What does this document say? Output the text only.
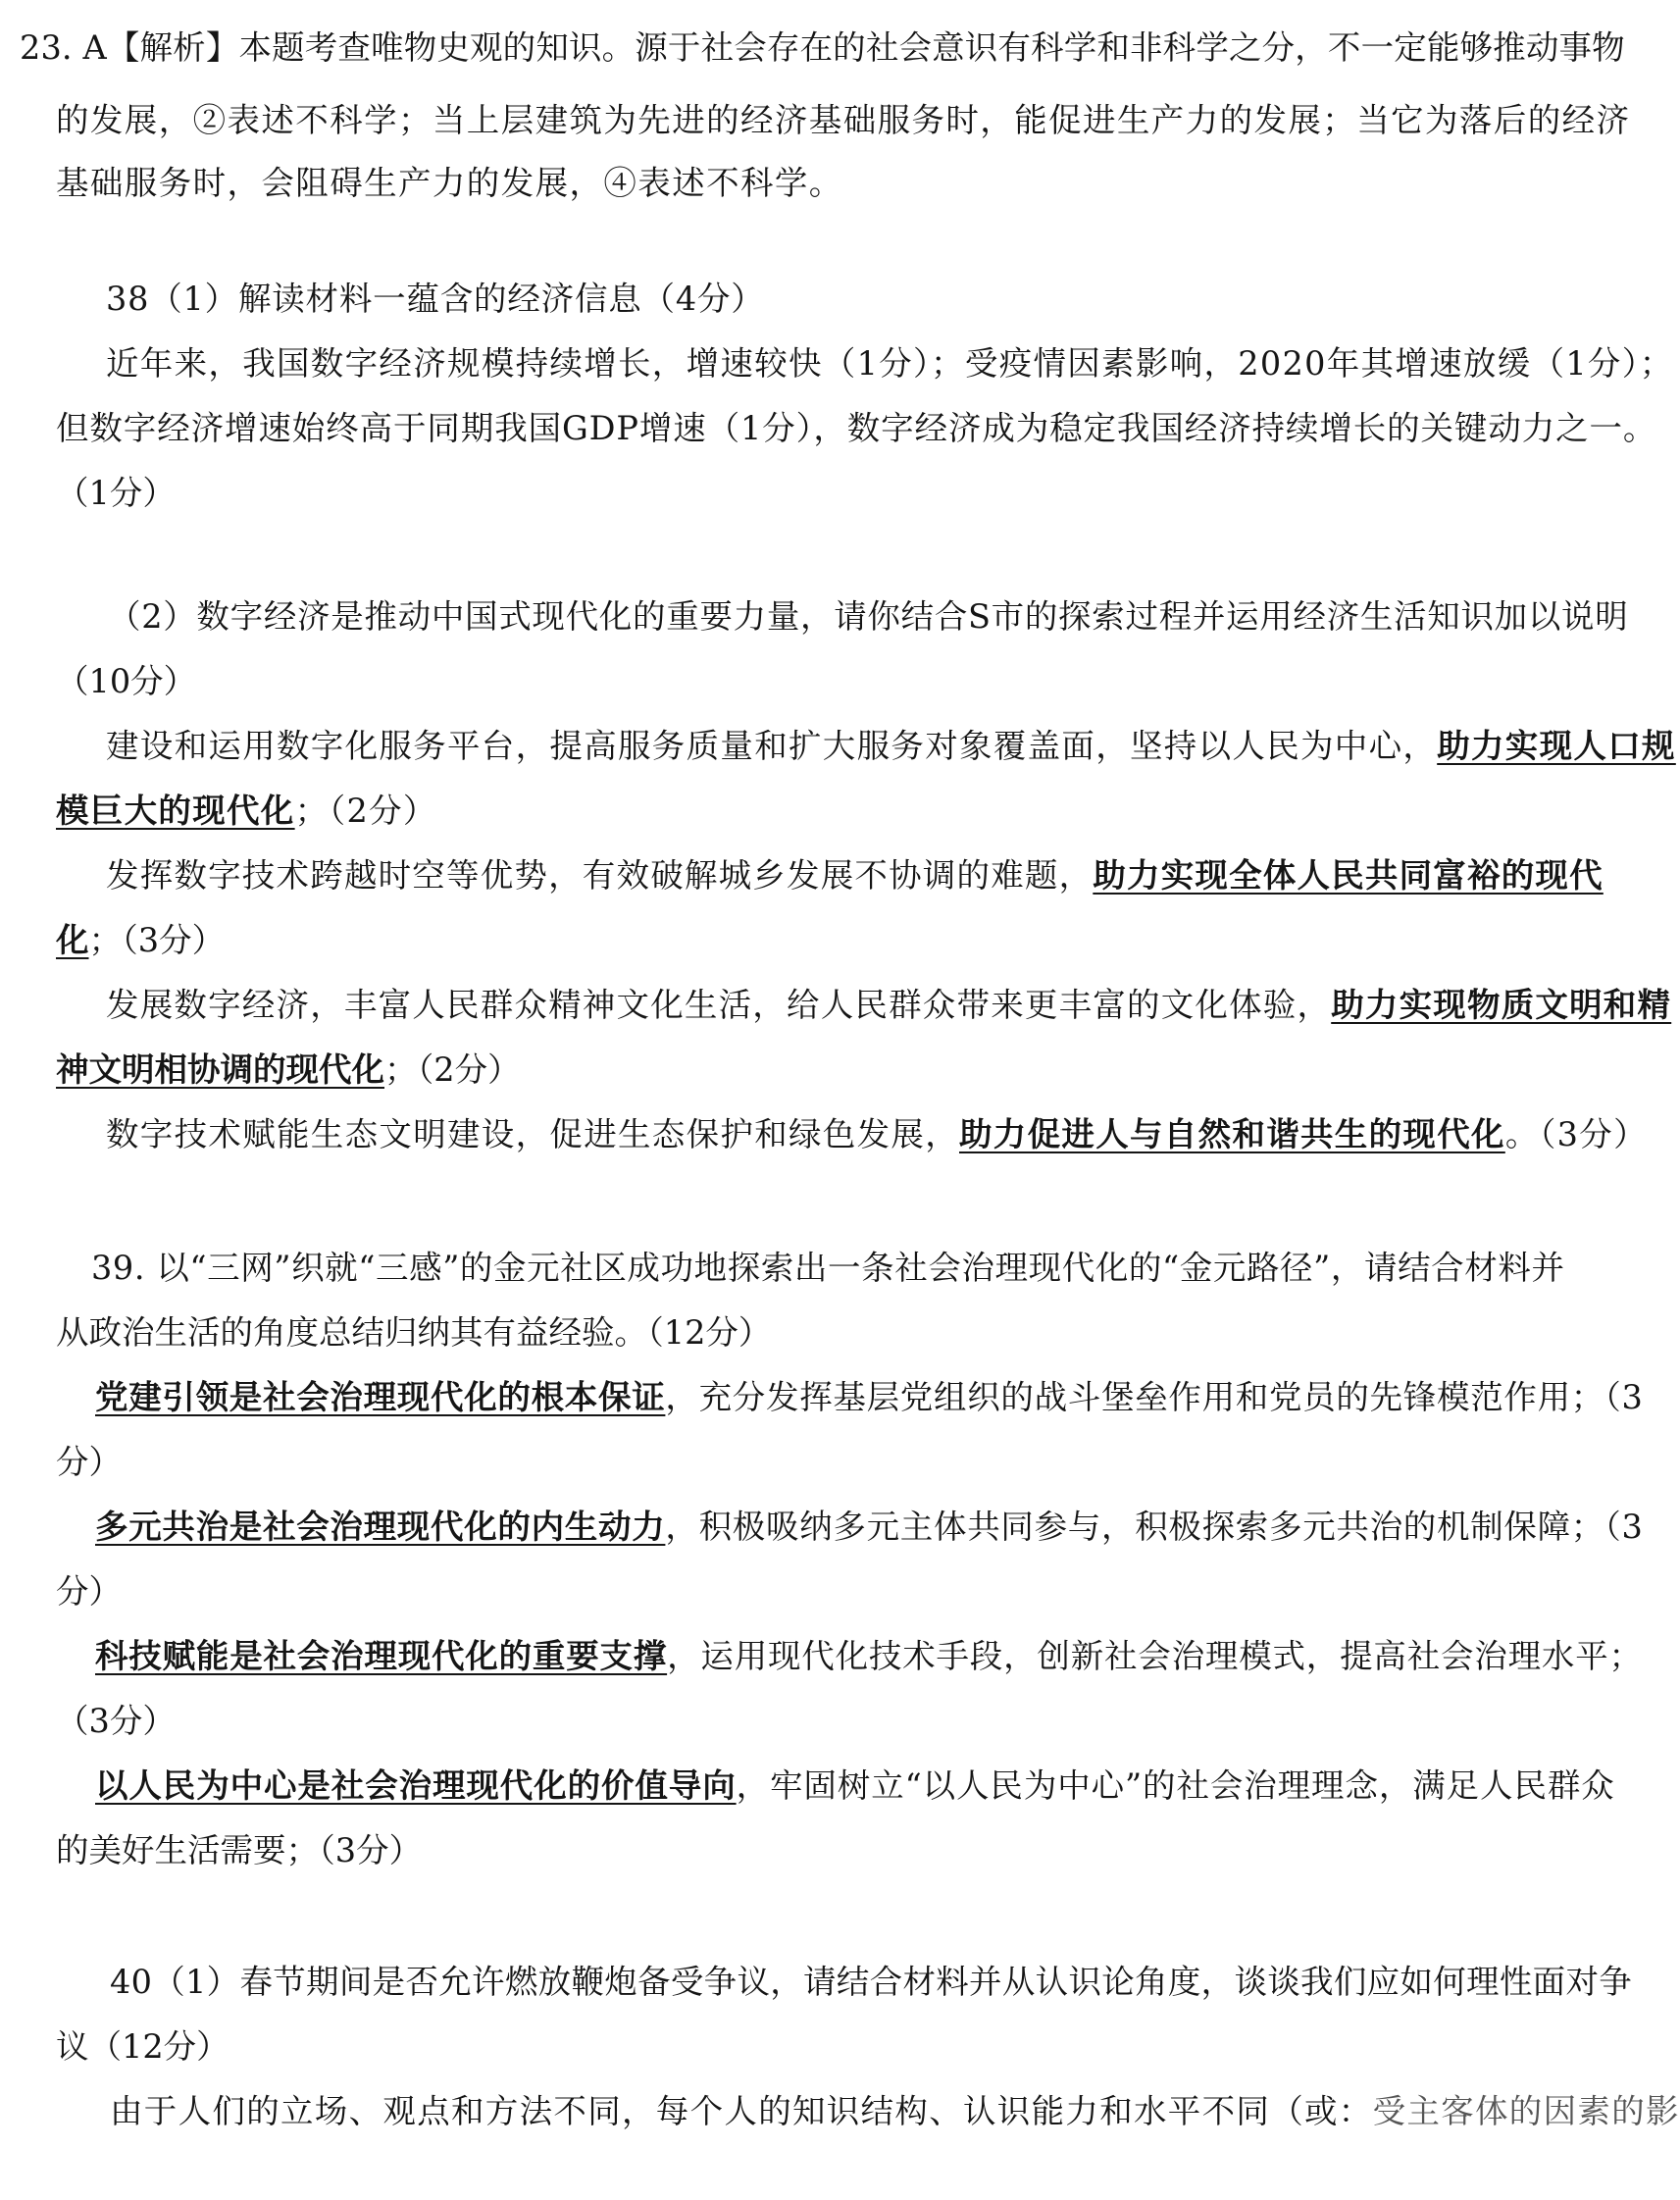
23. A【解析】本题考查唯物史观的知识。源于社会存在的社会意识有科学和非科学之分，不一定能够推动事物
的发展，②表述不科学；当上层建筑为先进的经济基础服务时，能促进生产力的发展；当它为落后的经济
基础服务时，会阻碍生产力的发展，④表述不科学。
38（1）解读材料一蕴含的经济信息（4分）
近年来，我国数字经济规模持续增长，增速较快（1分）；受疫情因素影响，2020年其增速放缓（1分）；
但数字经济增速始终高于同期我国GDP增速（1分），数字经济成为稳定我国经济持续增长的关键动力之一。
（1分）
（2）数字经济是推动中国式现代化的重要力量，请你结合S市的探索过程并运用经济生活知识加以说明
（10分）
建设和运用数字化服务平台，提高服务质量和扩大服务对象覆盖面，坚持以人民为中心，助力实现人口规
模巨大的现代化；（2分）
发挥数字技术跨越时空等优势，有效破解城乡发展不协调的难题，助力实现全体人民共同富裕的现代
化；（3分）
发展数字经济，丰富人民群众精神文化生活，给人民群众带来更丰富的文化体验，助力实现物质文明和精
神文明相协调的现代化；（2分）
数字技术赋能生态文明建设，促进生态保护和绿色发展，助力促进人与自然和谐共生的现代化。（3分）
39. 以“三网”织就“三感”的金元社区成功地探索出一条社会治理现代化的“金元路径”，请结合材料并
从政治生活的角度总结归纳其有益经验。（12分）
党建引领是社会治理现代化的根本保证，充分发挥基层党组织的战斗堡垒作用和党员的先锋模范作用；（3
分）
多元共治是社会治理现代化的内生动力，积极吸纳多元主体共同参与，积极探索多元共治的机制保障；（3
分）
科技赋能是社会治理现代化的重要支撑，运用现代化技术手段，创新社会治理模式，提高社会治理水平；
（3分）
以人民为中心是社会治理现代化的价值导向，牢固树立“以人民为中心”的社会治理理念，满足人民群众
的美好生活需要；（3分）
40（1）春节期间是否允许燃放鞭炮备受争议，请结合材料并从认识论角度，谈谈我们应如何理性面对争
议（12分）
由于人们的立场、观点和方法不同，每个人的知识结构、认识能力和水平不同（或：受主客体的因素的影
